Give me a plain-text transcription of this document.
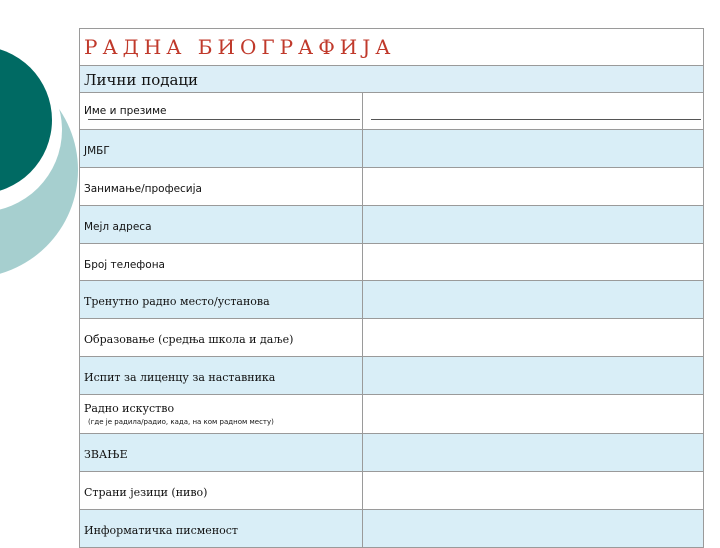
РАДНА БИОГРАФИЈА	
Лични подаци	
Име и презиме	
ЈМБГ	
Занимање/професија	
Мејл адреса	
Број телефона	
Тренутно радно место/установа	
Образовање (средња школа и даље)	
Испит за лиценцу за наставника	

Радно искуство
(где је радила/радио, када, на ком радном месту)	

ЗВАЊЕ	
Страни језици (ниво)	
Информатичка писменост	
